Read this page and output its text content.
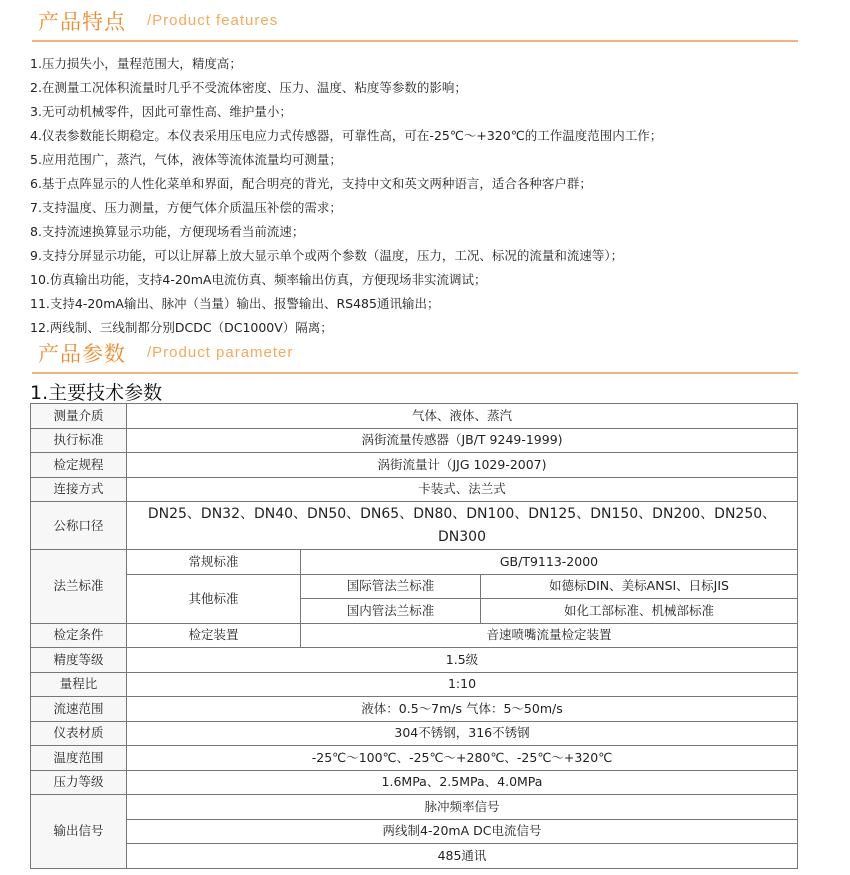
产品特点 /Product features
1.压力损失小，量程范围大，精度高；
2.在测量工况体积流量时几乎不受流体密度、压力、温度、粘度等参数的影响；
3.无可动机械零件，因此可靠性高、维护量小；
4.仪表参数能长期稳定。本仪表采用压电应力式传感器，可靠性高，可在-25℃～+320℃的工作温度范围内工作；
5.应用范围广，蒸汽，气体，液体等流体流量均可测量；
6.基于点阵显示的人性化菜单和界面，配合明亮的背光，支持中文和英文两种语言，适合各种客户群；
7.支持温度、压力测量，方便气体介质温压补偿的需求；
8.支持流速换算显示功能，方便现场看当前流速；
9.支持分屏显示功能，可以让屏幕上放大显示单个或两个参数（温度，压力，工况、标况的流量和流速等）；
10.仿真输出功能，支持4-20mA电流仿真、频率输出仿真，方便现场非实流调试；
11.支持4-20mA输出、脉冲（当量）输出、报警输出、RS485通讯输出；
12.两线制、三线制都分别DCDC（DC1000V）隔离；
产品参数 /Product parameter
1.主要技术参数
测量介质	气体、液体、蒸汽		
执行标准	涡街流量传感器（JB/T 9249-1999)		
检定规程	涡街流量计（JJG 1029-2007)		
连接方式	卡装式、法兰式		
公称口径	DN25、DN32、DN40、DN50、DN65、DN80、DN100、DN125、DN150、DN200、DN250、DN300		
法兰标准	常规标准	GB/T9113-2000	
	其他标准	国际管法兰标准	如德标DIN、美标ANSI、日标JIS
		国内管法兰标准	如化工部标准、机械部标准
检定条件	检定装置	音速喷嘴流量检定装置	
精度等级	1.5级		
量程比	1:10		
流速范围	液体：0.5～7m/s 气体：5～50m/s		
仪表材质	304不锈钢，316不锈钢		
温度范围	-25℃～100℃、-25℃～+280℃、-25℃～+320℃		
压力等级	1.6MPa、2.5MPa、4.0MPa		
输出信号	脉冲频率信号		
	两线制4-20mA DC电流信号		
	485通讯		
